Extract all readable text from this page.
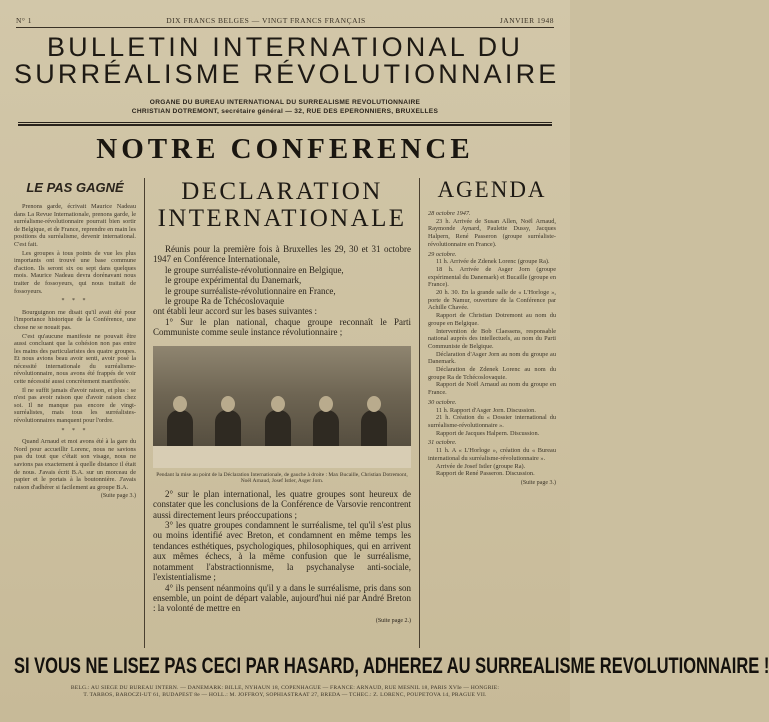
N° 1	DIX FRANCS BELGES — VINGT FRANCS FRANÇAIS	JANVIER 1948
BULLETIN INTERNATIONAL DU
SURRÉALISME RÉVOLUTIONNAIRE
ORGANE DU BUREAU INTERNATIONAL DU SURREALISME REVOLUTIONNAIRE
CHRISTIAN DOTREMONT, secrétaire général — 32, RUE DES EPERONNIERS, BRUXELLES
NOTRE CONFERENCE
LE PAS GAGNÉ

Prenons garde, écrivait Maurice Nadeau dans La Revue Internationale, prenons garde, le surréalisme-révolutionnaire pourrait bien sortir de Belgique, et de France, reprendre en main les positions du surréalisme, devenir international. C'est fait.

Les groupes à tous points de vue les plus importants ont trouvé une base commune d'action. Ils seront six ou sept dans quelques mois. Maurice Nadeau devra dorénavant nous traiter de fossoyeurs, qui nous traitait de fossoyeurs.

* * *

Bourguignon me disait qu'il avait été pour l'importance historique de la Conférence, une chose ne se nouait pas.

C'est qu'aucune manifeste ne pouvait être aussi concluant que la cohésion non pas entre les mains des particularistes des quatre groupes. Et nous avions beau avoir senti, avoir posé la nécessité internationale du surréalisme-révolutionnaire, nous avons été frappés de voir cette nécessité aussi concrètement manifestée.

Il ne suffit jamais d'avoir raison, et plus : se n'est pas avoir raison que d'avoir raison chez soi. Il ne manque pas encore de vingt-surréalistes, mais tous les surréalistes-révolutionnaires manquent pour l'ordre.

* * *

Quand Arnaud et moi avons été à la gare du Nord pour accueillir Lorenc, nous ne savions pas du tout que c'était son visage, nous ne savions pas exactement à quelle distance il était de nous. J'avais écrit B.A. sur un morceau de papier et le portais à la boutonnière. J'avais raison d'adhérer si facilement au groupe B.A.

(Suite page 3.)
DECLARATION
INTERNATIONALE

Réunis pour la première fois à Bruxelles les 29, 30 et 31 octobre 1947 en Conférence Internationale,

le groupe surréaliste-révolutionnaire en Belgique,
le groupe expérimental du Danemark,
le groupe surréaliste-révolutionnaire en France,
le groupe Ra de Tchécoslovaquie
ont établi leur accord sur les bases suivantes :

1° Sur le plan national, chaque groupe reconnaît le Parti Communiste comme seule instance révolutionnaire ;

Pendant la mise au point de la Déclaration Internationale, de gauche à droite : Max Bucaille, Christian Dotremont, Noël Arnaud, Josef Istler, Asger Jorn.

2° sur le plan international, les quatre groupes sont heureux de constater que les conclusions de la Conférence de Varsovie rencontrent aussi directement leurs préoccupations ;

3° les quatre groupes condamnent le surréalisme, tel qu'il s'est plus ou moins identifié avec Breton, et condamnent en même temps les tendances esthétiques, psychologiques, philosophiques, qui en arrivent aux mêmes échecs, à la même confusion que le surréalisme, notamment l'abstractionnisme, la psychanalyse anti-sociale, l'existentialisme ;

4° ils pensent néanmoins qu'il y a dans le surréalisme, pris dans son ensemble, un point de départ valable, aujourd'hui nié par André Breton : la volonté de mettre en

(Suite page 2.)
AGENDA
28 octobre 1947.

23 h. Arrivée de Susan Allen, Noël Arnaud, Raymonde Aynard, Paulette Dussy, Jacques Halpern, René Passeron (groupe surréaliste-révolutionnaire en France).

29 octobre.

11 h. Arrivée de Zdenek Lorenc (groupe Ra).

18 h. Arrivée de Asger Jorn (groupe expérimental du Danemark) et Bucaille (groupe en France).

20 h. 30. En la grande salle de « L'Horloge », porte de Namur, ouverture de la Conférence par Achille Chavée.

Rapport de Christian Dotremont au nom du groupe en Belgique.

Intervention de Bob Claessens, responsable national auprès des intellectuels, au nom du Parti Communiste de Belgique.

Déclaration d'Asger Jorn au nom du groupe au Danemark.

Déclaration de Zdenek Lorenc au nom du groupe Ra de Tchécoslovaquie.

Rapport de Noël Arnaud au nom du groupe en France.

30 octobre.

11 h. Rapport d'Asger Jorn. Discussion.

21 h. Création du « Dossier international du surréalisme-révolutionnaire ».

Rapport de Jacques Halpern. Discussion.

31 octobre.

11 h. A « L'Horloge », création du « Bureau international du surréalisme-révolutionnaire ».

Arrivée de Josef Istler (groupe Ra).

Rapport de René Passeron. Discussion.

(Suite page 3.)
SI VOUS NE LISEZ PAS CECI PAR HASARD, ADHEREZ AU SURREALISME REVOLUTIONNAIRE !
BELG.: AU SIEGE DU BUREAU INTERN. — DANEMARK: BILLE, NYHAUN 18, COPENHAGUE — FRANCE: ARNAUD, RUE MESNIL 18, PARIS XVIe — HONGRIE:
T. TARBOS, BAROCZI-UT 61, BUDAPEST 8e — HOLL.: M. JOFFROY, SOPHIASTRAAT 27, BREDA — TCHEC.: Z. LORENC, POUPETOVA 14, PRAGUE VII.
